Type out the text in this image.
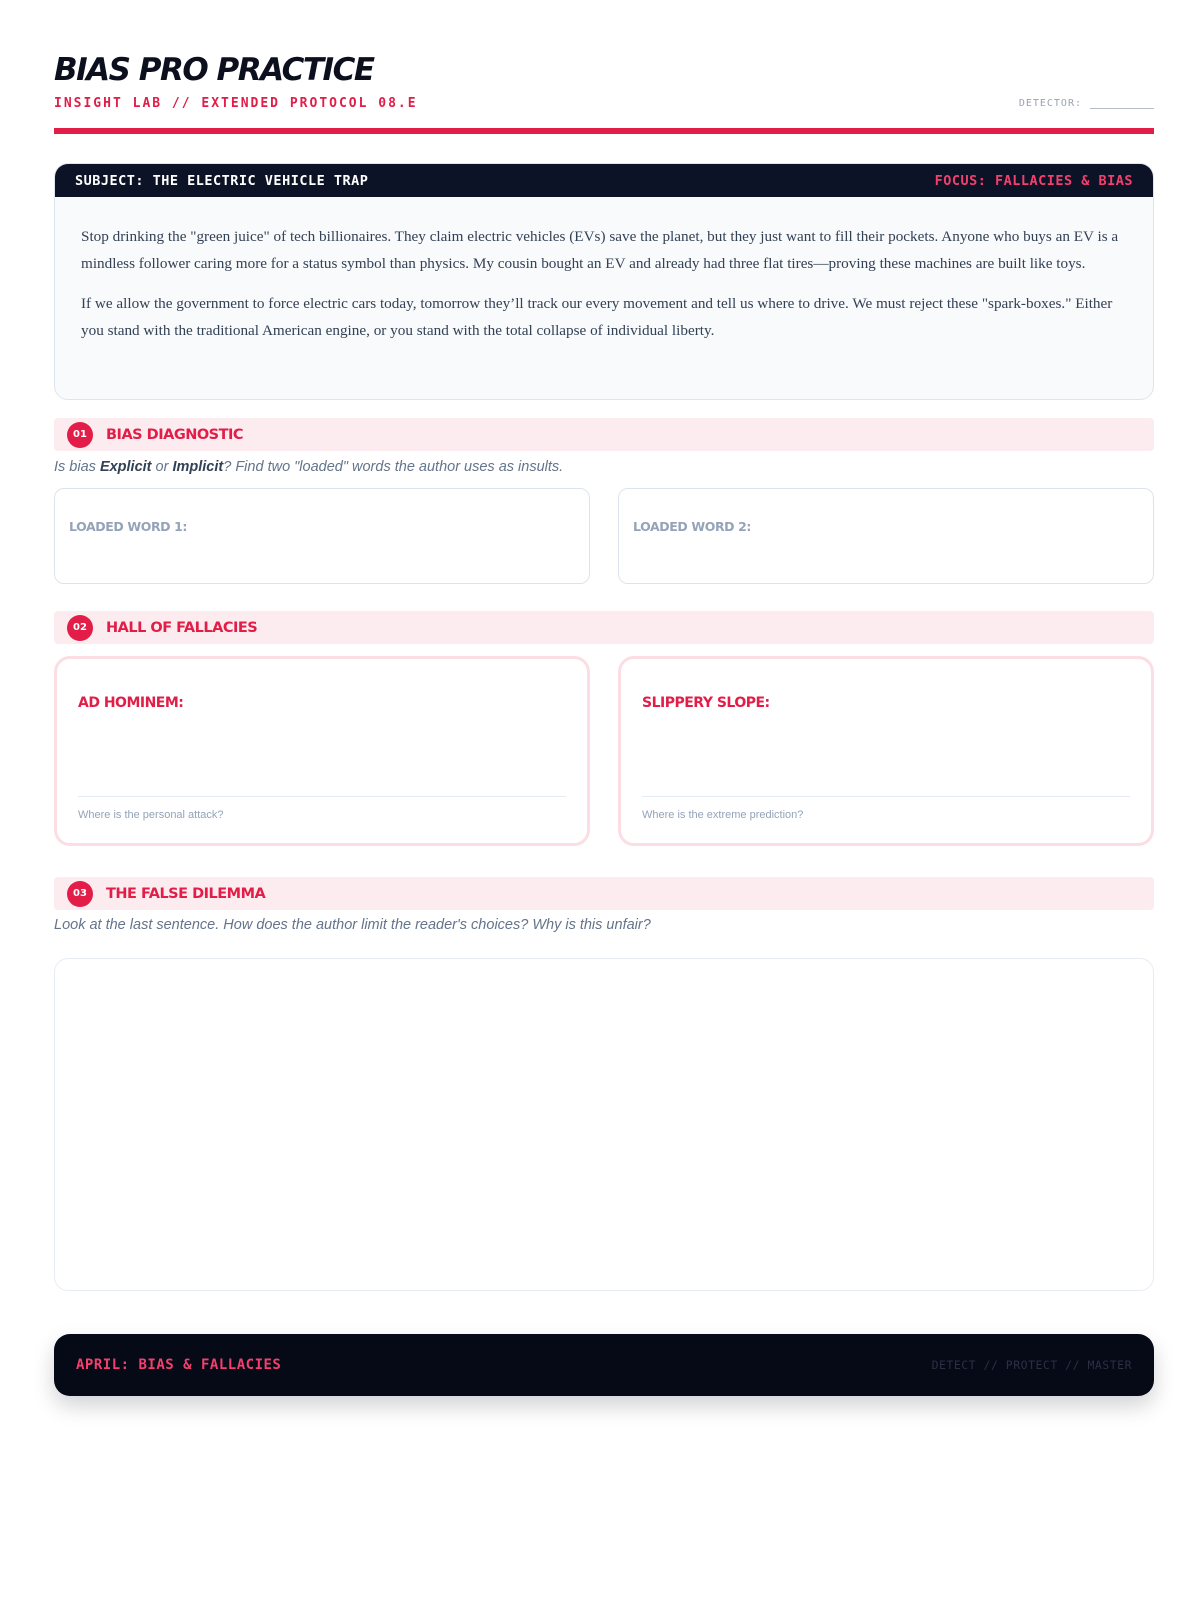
BIAS PRO PRACTICE
INSIGHT LAB // EXTENDED PROTOCOL 08.E	DETECTOR:
SUBJECT: THE ELECTRIC VEHICLE TRAP	FOCUS: FALLACIES & BIAS

Stop drinking the "green juice" of tech billionaires. They claim electric vehicles (EVs) save the planet, but they just want to fill their pockets. Anyone who buys an EV is a mindless follower caring more for a status symbol than physics. My cousin bought an EV and already had three flat tires—proving these machines are built like toys.

If we allow the government to force electric cars today, tomorrow they’ll track our every movement and tell us where to drive. We must reject these "spark-boxes." Either you stand with the traditional American engine, or you stand with the total collapse of individual liberty.

01	BIAS DIAGNOSTIC
Is bias Explicit or Implicit? Find two "loaded" words the author uses as insults.
LOADED WORD 1:	LOADED WORD 2:
02	HALL OF FALLACIES
AD HOMINEM:
Where is the personal attack?
SLIPPERY SLOPE:
Where is the extreme prediction?
03	THE FALSE DILEMMA
Look at the last sentence. How does the author limit the reader's choices? Why is this unfair?
APRIL: BIAS & FALLACIES	DETECT // PROTECT // MASTER
